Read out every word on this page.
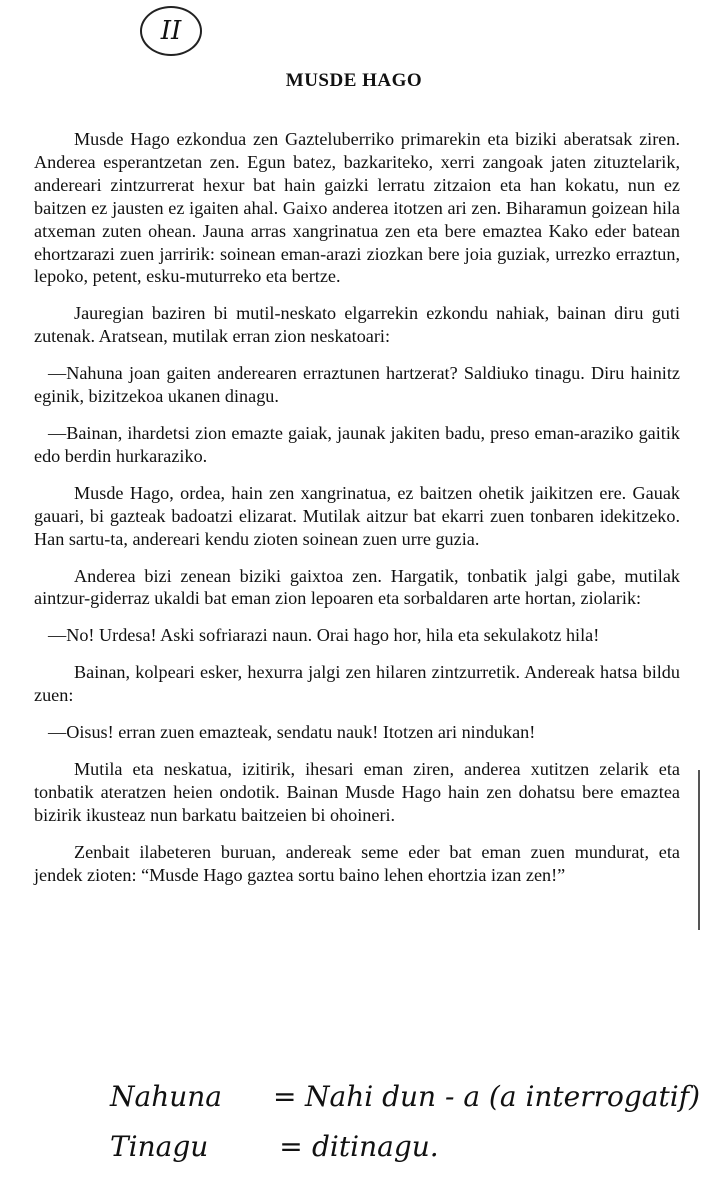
II
MUSDE HAGO

Musde Hago ezkondua zen Gazteluberriko primarekin eta biziki aberatsak ziren. Anderea esperantzetan zen. Egun batez, bazkariteko, xerri zangoak jaten zituztelarik, andereari zintzurrerat hexur bat hain gaizki lerratu zitzaion eta han kokatu, nun ez baitzen ez jausten ez igaiten ahal. Gaixo anderea itotzen ari zen. Biharamun goizean hila atxeman zuten ohean. Jauna arras xangrinatua zen eta bere emaztea Kako eder batean ehortzarazi zuen jarririk: soinean eman-arazi ziozkan bere joia guziak, urrezko erraztun, lepoko, petent, esku-muturreko eta bertze.

Jauregian baziren bi mutil-neskato elgarrekin ezkondu nahiak, bainan diru guti zutenak. Aratsean, mutilak erran zion neskatoari:

—Nahuna joan gaiten anderearen erraztunen hartzerat? Saldiuko tinagu. Diru hainitz eginik, bizitzekoa ukanen dinagu.

—Bainan, ihardetsi zion emazte gaiak, jaunak jakiten badu, preso eman-araziko gaitik edo berdin hurkaraziko.

Musde Hago, ordea, hain zen xangrinatua, ez baitzen ohetik jaikitzen ere. Gauak gauari, bi gazteak badoatzi elizarat. Mutilak aitzur bat ekarri zuen tonbaren idekitzeko. Han sartu-ta, andereari kendu zioten soinean zuen urre guzia.

Anderea bizi zenean biziki gaixtoa zen. Hargatik, tonbatik jalgi gabe, mutilak aintzur-giderraz ukaldi bat eman zion lepoaren eta sorbaldaren arte hortan, ziolarik:

—No! Urdesa! Aski sofriarazi naun. Orai hago hor, hila eta sekulakotz hila!

Bainan, kolpeari esker, hexurra jalgi zen hilaren zintzurretik. Andereak hatsa bildu zuen:

—Oisus! erran zuen emazteak, sendatu nauk! Itotzen ari nindukan!

Mutila eta neskatua, izitirik, ihesari eman ziren, anderea xutitzen zelarik eta tonbatik ateratzen heien ondotik. Bainan Musde Hago hain zen dohatsu bere emaztea bizirik ikusteaz nun barkatu baitzeien bi ohoineri.

Zenbait ilabeteren buruan, andereak seme eder bat eman zuen mundurat, eta jendek zioten: “Musde Hago gaztea sortu baino lehen ehortzia izan zen!”

Nahuna	= Nahi dun - a (a interrogatif)
Tinagu	= ditinagu.
